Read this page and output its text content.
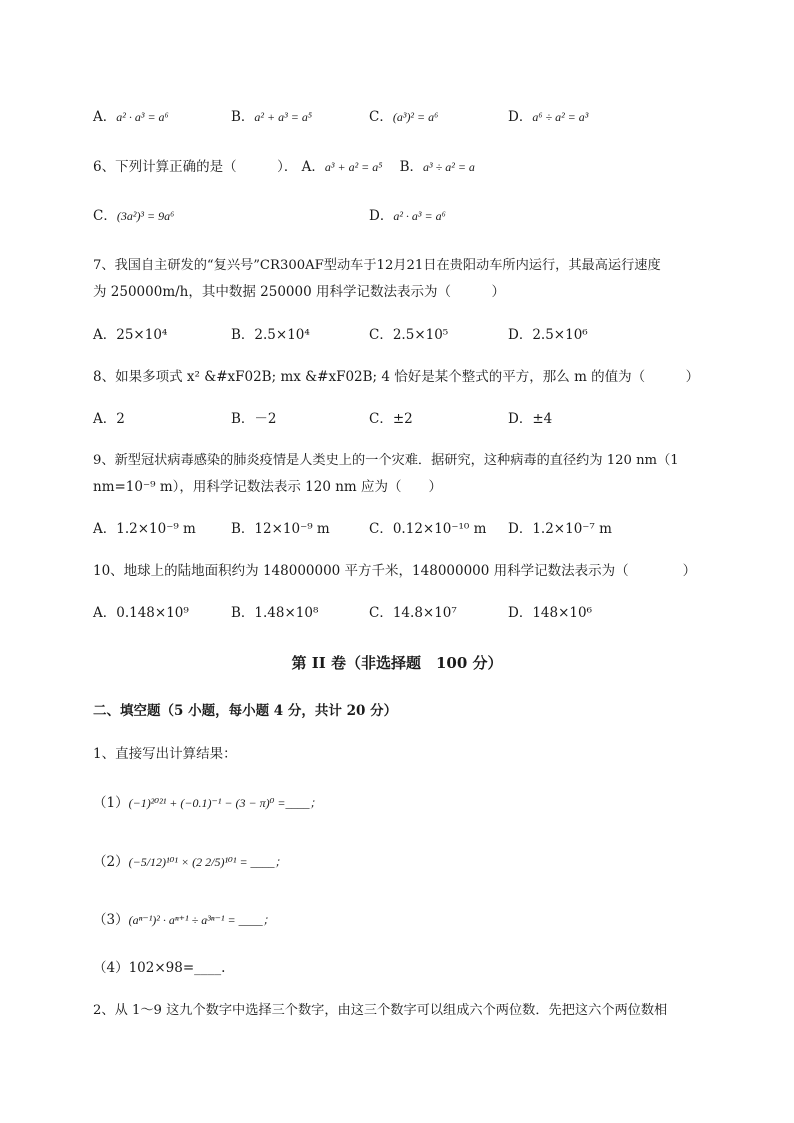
A．a² · a³ = a⁶	B．a² + a³ = a⁵	C．(a³)² = a⁶	D．a⁶ ÷ a² = a³
6、下列计算正确的是（　　　）． A．a³ + a² = a⁵ B．a³ ÷ a² = a
C．(3a²)³ = 9a⁶	D．a² · a³ = a⁶
7、我国自主研发的“复兴号”CR300AF型动车于12月21日在贵阳动车所内运行，其最高运行速度
为 250000m/h，其中数据 250000 用科学记数法表示为（　　　）
A．25×10⁴	B．2.5×10⁴	C．2.5×10⁵	D．2.5×10⁶
8、如果多项式 x² &#xF02B; mx &#xF02B; 4 恰好是某个整式的平方，那么 m 的值为（　　　）
A．2	B．－2	C．±2	D．±4
9、新型冠状病毒感染的肺炎疫情是人类史上的一个灾难．据研究，这种病毒的直径约为 120 nm（1
nm=10⁻⁹ m），用科学记数法表示 120 nm 应为（　　）
A．1.2×10⁻⁹ m	B．12×10⁻⁹ m	C．0.12×10⁻¹⁰ m D．1.2×10⁻⁷ m
10、地球上的陆地面积约为 148000000 平方千米，148000000 用科学记数法表示为（　　　　）
A．0.148×10⁹	B．1.48×10⁸	C．14.8×10⁷	D．148×10⁶
第 II 卷（非选择题　100 分）
二、填空题（5 小题，每小题 4 分，共计 20 分）
1、直接写出计算结果：
（1）(−1)²⁰²¹ + (−0.1)⁻¹ − (3 − π)⁰ =____；
（2）(−5/12)¹⁰¹ × (2 2/5)¹⁰¹ = ____；
（3）(aⁿ⁻¹)² · aⁿ⁺¹ ÷ a³ⁿ⁻¹ = ____；
（4）102×98=____.
2、从 1～9 这九个数字中选择三个数字，由这三个数字可以组成六个两位数．先把这六个两位数相
